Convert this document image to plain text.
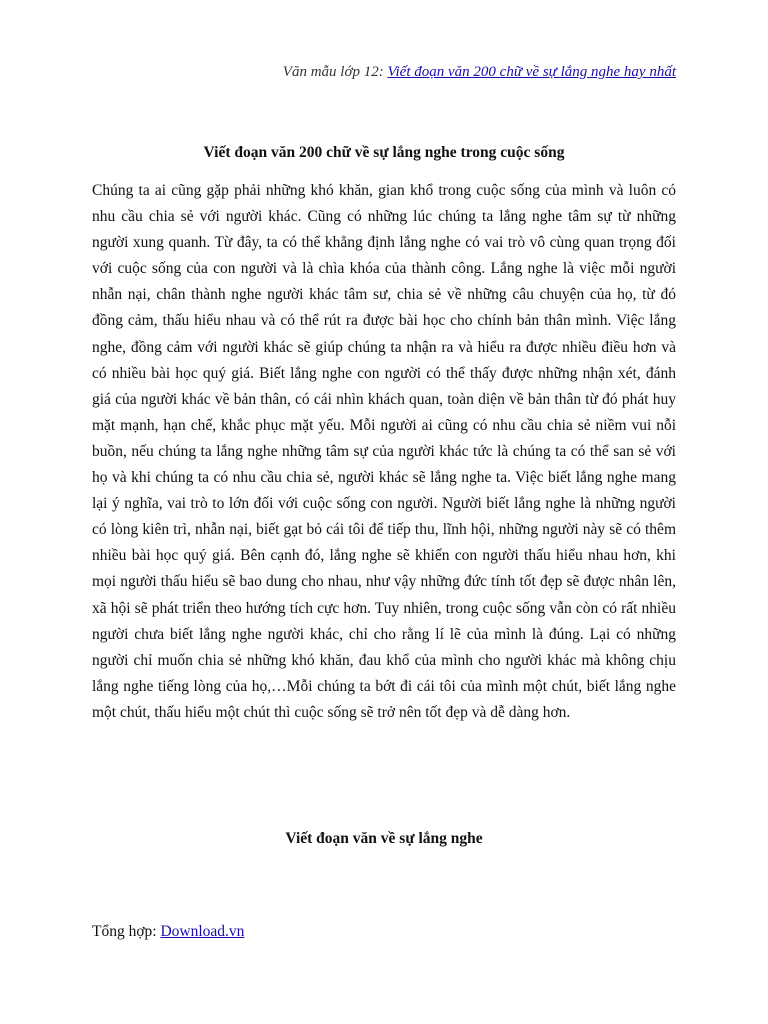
Văn mẫu lớp 12: Viết đoạn văn 200 chữ về sự lắng nghe hay nhất
Viết đoạn văn 200 chữ về sự lắng nghe trong cuộc sống

Chúng ta ai cũng gặp phải những khó khăn, gian khổ trong cuộc sống của mình và luôn có nhu cầu chia sẻ với người khác. Cũng có những lúc chúng ta lắng nghe tâm sự từ những người xung quanh. Từ đây, ta có thể khẳng định lắng nghe có vai trò vô cùng quan trọng đối với cuộc sống của con người và là chìa khóa của thành công. Lắng nghe là việc mỗi người nhẫn nại, chân thành nghe người khác tâm sư, chia sẻ về những câu chuyện của họ, từ đó đồng cảm, thấu hiểu nhau và có thể rút ra được bài học cho chính bản thân mình. Việc lắng nghe, đồng cảm với người khác sẽ giúp chúng ta nhận ra và hiểu ra được nhiều điều hơn và có nhiều bài học quý giá. Biết lắng nghe con người có thể thấy được những nhận xét, đánh giá của người khác về bản thân, có cái nhìn khách quan, toàn diện về bản thân từ đó phát huy mặt mạnh, hạn chế, khắc phục mặt yếu. Mỗi người ai cũng có nhu cầu chia sẻ niềm vui nỗi buồn, nếu chúng ta lắng nghe những tâm sự của người khác tức là chúng ta có thể san sẻ với họ và khi chúng ta có nhu cầu chia sẻ, người khác sẽ lắng nghe ta. Việc biết lắng nghe mang lại ý nghĩa, vai trò to lớn đối với cuộc sống con người. Người biết lắng nghe là những người có lòng kiên trì, nhẫn nại, biết gạt bỏ cái tôi để tiếp thu, lĩnh hội, những người này sẽ có thêm nhiều bài học quý giá. Bên cạnh đó, lắng nghe sẽ khiến con người thấu hiểu nhau hơn, khi mọi người thấu hiểu sẽ bao dung cho nhau, như vậy những đức tính tốt đẹp sẽ được nhân lên, xã hội sẽ phát triển theo hướng tích cực hơn. Tuy nhiên, trong cuộc sống vẫn còn có rất nhiều người chưa biết lắng nghe người khác, chỉ cho rằng lí lẽ của mình là đúng. Lại có những người chỉ muốn chia sẻ những khó khăn, đau khổ của mình cho người khác mà không chịu lắng nghe tiếng lòng của họ,…Mỗi chúng ta bớt đi cái tôi của mình một chút, biết lắng nghe một chút, thấu hiểu một chút thì cuộc sống sẽ trở nên tốt đẹp và dễ dàng hơn.

Viết đoạn văn về sự lắng nghe
Tổng hợp: Download.vn
